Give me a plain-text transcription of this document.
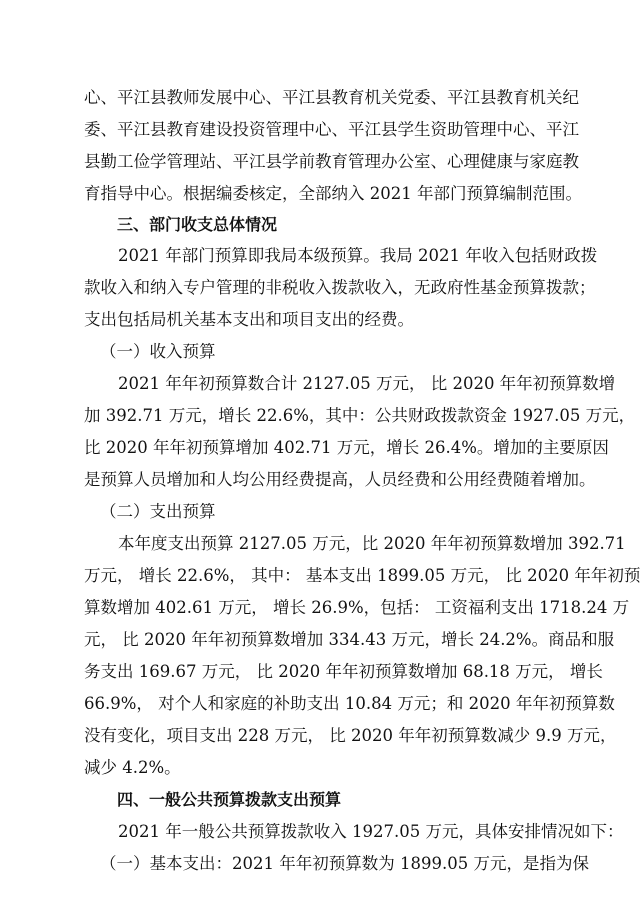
心、平江县教师发展中心、平江县教育机关党委、平江县教育机关纪
委、平江县教育建设投资管理中心、平江县学生资助管理中心、平江
县勤工俭学管理站、平江县学前教育管理办公室、心理健康与家庭教
育指导中心。根据编委核定，全部纳入 2021 年部门预算编制范围。
三、部门收支总体情况
2021 年部门预算即我局本级预算。我局 2021 年收入包括财政拨
款收入和纳入专户管理的非税收入拨款收入，无政府性基金预算拨款；
支出包括局机关基本支出和项目支出的经费。
（一）收入预算
2021 年年初预算数合计 2127.05 万元， 比 2020 年年初预算数增
加 392.71 万元，增长 22.6%，其中：公共财政拨款资金 1927.05 万元，
比 2020 年年初预算增加 402.71 万元，增长 26.4%。增加的主要原因
是预算人员增加和人均公用经费提高，人员经费和公用经费随着增加。
（二）支出预算
本年度支出预算 2127.05 万元，比 2020 年年初预算数增加 392.71
万元， 增长 22.6%， 其中： 基本支出 1899.05 万元， 比 2020 年年初预
算数增加 402.61 万元， 增长 26.9%，包括： 工资福利支出 1718.24 万
元， 比 2020 年年初预算数增加 334.43 万元，增长 24.2%。商品和服
务支出 169.67 万元， 比 2020 年年初预算数增加 68.18 万元， 增长
66.9%， 对个人和家庭的补助支出 10.84 万元；和 2020 年年初预算数
没有变化，项目支出 228 万元， 比 2020 年年初预算数减少 9.9 万元，
减少 4.2%。
四、一般公共预算拨款支出预算
2021 年一般公共预算拨款收入 1927.05 万元，具体安排情况如下：
（一）基本支出：2021 年年初预算数为 1899.05 万元，是指为保
